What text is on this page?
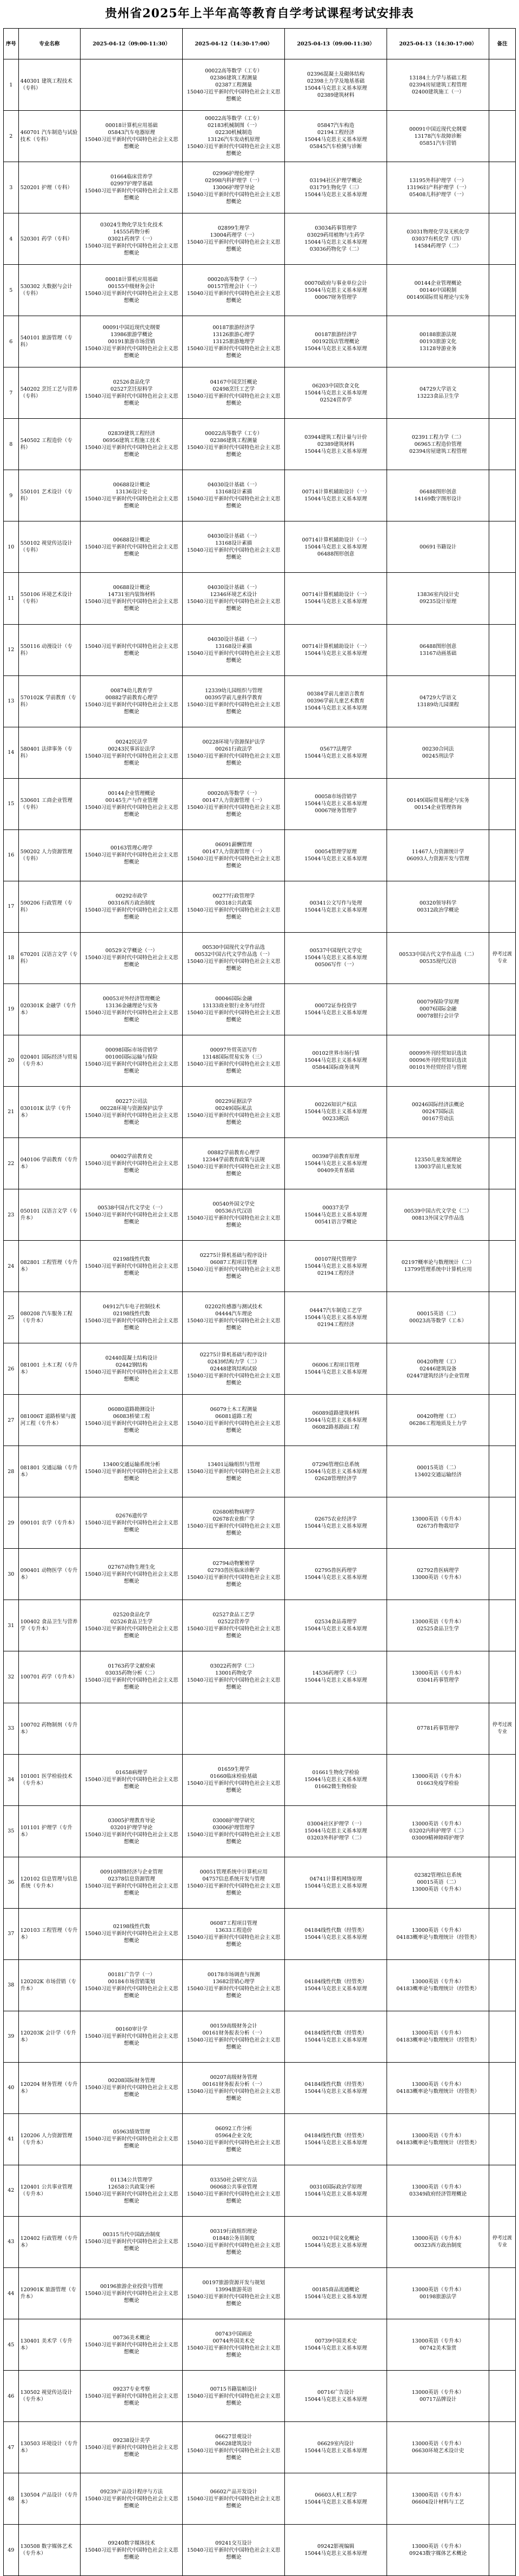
贵州省2025年上半年高等教育自学考试课程考试安排表
序号	专业名称	2025-04-12（09:00-11:30）	2025-04-12（14:30-17:00）	2025-04-13（09:00-11:30）	2025-04-13（14:30-17:00）	备注
1	440301 建筑工程技术（专科）		00022高等数学（工专）
02386建筑工程测量
02387工程测量
15040习近平新时代中国特色社会主义思想概论	02396混凝土及砌体结构
02398土力学及地基基础
15044马克思主义基本原理
02389建筑材料	13184土力学与基础工程
02394房屋建筑工程管理
02400建筑施工（一）	
2	460701 汽车制造与试验技术（专科）	00018计算机应用基础
05843汽车电器原理
15040习近平新时代中国特色社会主义思想概论	00022高等数学（工专）
02183机械制图（一）
02230机械制造
13126汽车发动机原理
15040习近平新时代中国特色社会主义思想概论	05847汽车构造
02194工程经济
15044马克思主义基本原理
05845汽车检测与诊断	00091中国近现代史纲要
13178汽车故障诊断
05851汽车营销	
3	520201 护理（专科）	01664临床营养学
02997护理学基础
15040习近平新时代中国特色社会主义思想概论	02996护理伦理学
02998内科护理学（一）
13006护理学导论
15040习近平新时代中国特色社会主义思想概论	03194社区护理学概论
03179生物化学（三）
15044马克思主义基本原理	13195外科护理学（一）
13196妇产科护理学（一）
05408儿科护理学（一）	
4	520301 药学（专科）	03024生物化学及生化技术
14555药物分析
03021药剂学（一）
15040习近平新时代中国特色社会主义思想概论	02899生理学
13004药理学（一）
15040习近平新时代中国特色社会主义思想概论	03034药事管理学
03029药用植物与生药学
15044马克思主义基本原理
03036药物化学（二）	03031物理化学及无机化学
03037有机化学（四）
14584药理学（二）	
5	530302 大数据与会计（专科）	00018计算机应用基础
00155中级财务会计
15040习近平新时代中国特色社会主义思想概论	00020高等数学（一）
00157管理会计（一）
15040习近平新时代中国特色社会主义思想概论	00070政府与事业单位会计
15044马克思主义基本原理
00067财务管理学	00144企业管理概论
00146中国税制
00149国际贸易理论与实务	
6	540101 旅游管理（专科）	00091中国近现代史纲要
13986旅游学概论
00191旅游市场营销
15040习近平新时代中国特色社会主义思想概论	00187旅游经济学
13126旅游心理学
13125旅游地理学
15040习近平新时代中国特色社会主义思想概论	00187旅游经济学
00192饭店管理概论
15044马克思主义基本原理	00188旅游法规
00193旅游文化
13128导游业务	
7	540202 烹饪工艺与营养（专科）	02526食品化学
02527烹饪原料学
15040习近平新时代中国特色社会主义思想概论	04167中国烹饪概论
02498烹饪工艺学
15040习近平新时代中国特色社会主义思想概论	06203中国饮食文化
15044马克思主义基本原理
02524营养学	04729大学语文
13223食品卫生学	
8	540502 工程造价（专科）	02839建筑工程经济
06956建筑工程施工技术
15040习近平新时代中国特色社会主义思想概论	00022高等数学（工专）
02386建筑工程测量
15040习近平新时代中国特色社会主义思想概论	03944建筑工程计量与计价
02389建筑材料
15044马克思主义基本原理	02391工程力学（二）
06965工程造价管理
02394房屋建筑工程管理	
9	550101 艺术设计（专科）	00688设计概论
13136设计史
15040习近平新时代中国特色社会主义思想概论	04030设计基础（一）
13168设计素描
15040习近平新时代中国特色社会主义思想概论	00714计算机辅助设计（一）
15044马克思主义基本原理	06488图形创意
14169数字图形设计	
10	550102 视觉传达设计（专科）	00688设计概论
15040习近平新时代中国特色社会主义思想概论	04030设计基础（一）
13168设计素描
15040习近平新时代中国特色社会主义思想概论	00714计算机辅助设计（一）
15044马克思主义基本原理
06488图形创意	00691书籍设计	
11	550106 环境艺术设计（专科）	00688设计概论
14731室内装饰材料
15040习近平新时代中国特色社会主义思想概论	04030设计基础（一）
12346环境艺术设计
15040习近平新时代中国特色社会主义思想概论	00714计算机辅助设计（一）
15044马克思主义基本原理	13836室内设计史
09235设计原理	
12	550116 动漫设计（专科）	15040习近平新时代中国特色社会主义思想概论	04030设计基础（一）
13168设计素描
15040习近平新时代中国特色社会主义思想概论	00714计算机辅助设计（一）
15044马克思主义基本原理	06488图形创意
13167动画基础	
13	570102K 学前教育（专科）	00874幼儿教育学
00882学前教育心理学
15040习近平新时代中国特色社会主义思想概论	12339幼儿园组织与管理
00395学前儿童科学教育
15040习近平新时代中国特色社会主义思想概论	00384学前儿童语言教育
00396学前儿童艺术教育
15044马克思主义基本原理	04729大学语文
13189幼儿园课程	
14	580401 法律事务（专科）	00242民法学
00243民事诉讼法学
15040习近平新时代中国特色社会主义思想概论	00228环境与资源保护法学
00261行政法学
15040习近平新时代中国特色社会主义思想概论	05677法理学
15044马克思主义基本原理	00230合同法
00245刑法学	
15	530601 工商企业管理（专科）	00144企业管理概论
00145生产与作业管理
15040习近平新时代中国特色社会主义思想概论	00020高等数学（一）
00147人力资源管理（一）
15040习近平新时代中国特色社会主义思想概论	00058市场营销学
15044马克思主义基本原理
00067财务管理学	00149国际贸易理论与实务
00154企业管理咨询	
16	590202 人力资源管理（专科）	00163管理心理学
15040习近平新时代中国特色社会主义思想概论	06091薪酬管理
00147人力资源管理（一）
15040习近平新时代中国特色社会主义思想概论	00054管理学原理
15044马克思主义基本原理	11467人力资源统计学
06093人力资源开发与管理	
17	590206 行政管理（专科）	00292市政学
00316西方政治制度
15040习近平新时代中国特色社会主义思想概论	00277行政管理学
00318公共政策
15040习近平新时代中国特色社会主义思想概论	00341公文写作与处理
15044马克思主义基本原理	00320领导科学
00312政治学概论	
18	670201 汉语言文学（专科）	00529文学概论（一）
15040习近平新时代中国特色社会主义思想概论	00530中国现代文学作品选
00532中国古代文学作品选（一）
15040习近平新时代中国特色社会主义思想概论	00537中国现代文学史
15044马克思主义基本原理
00506写作（一）	00533中国古代文学作品选（二）
00535现代汉语	停考过渡专业
19	020301K 金融学（专升本）	00053对外经济管理概论
13136金融理论与实务
15040习近平新时代中国特色社会主义思想概论	00046国际金融
13133商业银行业务与经营
15040习近平新时代中国特色社会主义思想概论	00072证券投资学
15044马克思主义基本原理	00079保险学原理
00076国际金融
00078银行会计学	
20	020401 国际经济与贸易（专升本）	00098国际市场营销学
00100国际运输与保险
15040习近平新时代中国特色社会主义思想概论	00097外贸英语写作
13148国际贸易实务（三）
15040习近平新时代中国特色社会主义思想概论	00102世界市场行情
15044马克思主义基本原理
05844国际商务谈判	00099外刊经贸知识选读
00096外刊经贸知识选读
00101外经贸经营与管理	
21	030101K 法学（专升本）	00227公司法
00228环境与资源保护法学
15040习近平新时代中国特色社会主义思想概论	00229证据法学
00249国际私法
15040习近平新时代中国特色社会主义思想概论	00226知识产权法
15044马克思主义基本原理
00233税法	00246国际经济法概论
00247国际法
00167劳动法	
22	040106 学前教育（专升本）	00402学前教育史
15040习近平新时代中国特色社会主义思想概论	00882学前教育心理学
12344学前教育政策与法规
15040习近平新时代中国特色社会主义思想概论	00398学前教育原理
15044马克思主义基本原理
00409美育基础	12350儿童发展理论
13003学前儿童发展	
23	050101 汉语言文学（专升本）	00538中国古代文学史（一）
15040习近平新时代中国特色社会主义思想概论	00540外国文学史
00536古代汉语
15040习近平新时代中国特色社会主义思想概论	00037美学
15044马克思主义基本原理
00541语言学概论	00539中国古代文学史（二）
00813外国文学作品选	
24	082801 工程管理（专升本）	02198线性代数
15040习近平新时代中国特色社会主义思想概论	02275计算机基础与程序设计
06087工程项目管理
15040习近平新时代中国特色社会主义思想概论	00107现代管理学
15044马克思主义基本原理
02194工程经济	02197概率论与数理统计（二）
13799管理系统中计算机应用	
25	080208 汽车服务工程（专升本）	04912汽车电子控制技术
02198线性代数
15040习近平新时代中国特色社会主义思想概论	02202传感器与测试技术
04444汽车理论
15040习近平新时代中国特色社会主义思想概论	04447汽车制造工艺学
15044马克思主义基本原理
02194工程经济	00015英语（二）
00023高等数学（工本）	
26	081001 土木工程（专升本）	02440混凝土结构设计
02442钢结构
15040习近平新时代中国特色社会主义思想概论	02275计算机基础与程序设计
02439结构力学（二）
02448建筑结构试验
15040习近平新时代中国特色社会主义思想概论	06006工程项目管理
15044马克思主义基本原理	00420物理（工）
02446建筑设备
02447建筑经济与企业管理	
27	081006T 道路桥梁与渡河工程（专升本）	06080道路勘测设计
06083桥梁工程
15040习近平新时代中国特色社会主义思想概论	06079土木工程测量
06081道路工程
15040习近平新时代中国特色社会主义思想概论	06089道路建筑材料
15044马克思主义基本原理
06082路基路面工程	00420物理（工）
06286工程地质及土力学	
28	081801 交通运输（专升本）	13400交通运输系统分析
15040习近平新时代中国特色社会主义思想概论	13401运输组织与管理
15040习近平新时代中国特色社会主义思想概论	07296管理信息系统
15044马克思主义基本原理
02628管理经济学	00015英语（二）
13402交通运输经济	
29	090101 农学（专升本）	02676遗传学
15040习近平新时代中国特色社会主义思想概论	02680植物病理学
02678农业推广学
15040习近平新时代中国特色社会主义思想概论	02675农业经济学
15044马克思主义基本原理	13000英语（专升本）
02673作物栽培学	
30	090401 动物医学（专升本）	02767动物生理生化
15040习近平新时代中国特色社会主义思想概论	02794动物繁殖学
02793兽医临床诊断学
15040习近平新时代中国特色社会主义思想概论	02795兽医药理学
15044马克思主义基本原理	02792兽医病理学
13000英语（专升本）	
31	100402 食品卫生与营养学（专升本）	02520食品化学
02526食品卫生学
15040习近平新时代中国特色社会主义思想概论	02527食品工艺学
02522营养学
15040习近平新时代中国特色社会主义思想概论	02534食品毒理学
15044马克思主义基本原理	13000英语（专升本）
02525食品卫生学	
32	100701 药学（专升本）	01763药学文献检索
03035药物分析（二）
15040习近平新时代中国特色社会主义思想概论	03022药剂学（二）
13001药物化学
15040习近平新时代中国特色社会主义思想概论	14536药理学（三）
15044马克思主义基本原理	13000英语（专升本）
03041药事管理学	
33	100702 药物制剂（专升本）				07781药事管理学	停考过渡专业
34	101001 医学检验技术（专升本）	01658病理学
15040习近平新时代中国特色社会主义思想概论	01659生理学
01660临床检验基础
15040习近平新时代中国特色社会主义思想概论	01661生物化学检验
15044马克思主义基本原理
01662微生物检验	13000英语（专升本）
01663免疫学检验	
35	101101 护理学（专升本）	03005护理教育导论
03201护理学导论
15040习近平新时代中国特色社会主义思想概论	03008护理学研究
03006护理管理学
15040习近平新时代中国特色社会主义思想概论	03004社区护理学（一）
15044马克思主义基本原理
03203外科护理学（二）	13000英语（专升本）
03202内科护理学（二）
03009精神障碍护理学	
36	120102 信息管理与信息系统（专升本）	00910网络经济与企业管理
02378信息资源管理
15040习近平新时代中国特色社会主义思想概论	00051管理系统中计算机应用
04757信息系统开发与管理
15040习近平新时代中国特色社会主义思想概论	04741计算机网络原理
15044马克思主义基本原理	02382管理信息系统
00015英语（二）
13000英语（专升本）	
37	120103 工程管理（专升本）	02198线性代数
15040习近平新时代中国特色社会主义思想概论	06087工程项目管理
13633工程造价
15040习近平新时代中国特色社会主义思想概论	04184线性代数（经管类）
15044马克思主义基本原理	13000英语（专升本）
04183概率论与数理统计（经管类）	
38	120202K 市场营销（专升本）	00181广告学（一）
00184市场营销策划
15040习近平新时代中国特色社会主义思想概论	00178市场调查与预测
13682营销心理学
15040习近平新时代中国特色社会主义思想概论	04184线性代数（经管类）
15044马克思主义基本原理	13000英语（专升本）
04183概率论与数理统计（经管类）	
39	120203K 会计学（专升本）	00160审计学
15040习近平新时代中国特色社会主义思想概论	00159高级财务会计
00161财务报表分析（一）
15040习近平新时代中国特色社会主义思想概论	04184线性代数（经管类）
15044马克思主义基本原理	13000英语（专升本）
04183概率论与数理统计（经管类）	
40	120204 财务管理（专升本）	00208国际财务管理
15040习近平新时代中国特色社会主义思想概论	00207高级财务管理
00161财务报表分析（一）
15040习近平新时代中国特色社会主义思想概论	04184线性代数（经管类）
15044马克思主义基本原理	13000英语（专升本）
04183概率论与数理统计（经管类）	
41	120206 人力资源管理（专升本）	05963绩效管理
15040习近平新时代中国特色社会主义思想概论	06092工作分析
05964企业文化
15040习近平新时代中国特色社会主义思想概论	04184线性代数（经管类）
15044马克思主义基本原理	13000英语（专升本）
04183概率论与数理统计（经管类）	
42	120401 公共事业管理（专升本）	01134公共管理学
12658公共政策分析
15040习近平新时代中国特色社会主义思想概论	03350社会研究方法
06068公共事业管理
15040习近平新时代中国特色社会主义思想概论	00310国际政治学原理
15044马克思主义基本原理	13000英语（专升本）
03349政府经济管理概论	
43	120402 行政管理（专升本）	00315当代中国政治制度
15040习近平新时代中国特色社会主义思想概论	00319行政组织理论
01848公务员制度
15040习近平新时代中国特色社会主义思想概论	00321中国文化概论
15044马克思主义基本原理	13000英语（专升本）
00323西方政治制度	停考过渡专业
44	120901K 旅游管理（专升本）	00196旅游企业投资与管理
15040习近平新时代中国特色社会主义思想概论	00197旅游资源开发与规划
13994旅游英语
15040习近平新时代中国特色社会主义思想概论	00185商品流通概论
15044马克思主义基本原理	13000英语（专升本）
00198旅游法学	
45	130401 美术学（专升本）	00736美术概论
15040习近平新时代中国特色社会主义思想概论	00743中国画论
00744外国美术史
15040习近平新时代中国特色社会主义思想概论	00739中国美术史
15044马克思主义基本原理	13000英语（专升本）
00742美术鉴赏	
46	130502 视觉传达设计（专升本）	09237专业考察
15040习近平新时代中国特色社会主义思想概论	00715书籍装帧设计
15040习近平新时代中国特色社会主义思想概论	00716广告设计
15044马克思主义基本原理	13000英语（专升本）
00717品牌设计	
47	130503 环境设计（专升本）	09238设计美学
15040习近平新时代中国特色社会主义思想概论	06627景观设计
06628建筑设计
15040习近平新时代中国特色社会主义思想概论	06629室内设计
15044马克思主义基本原理	13000英语（专升本）
06630环境艺术设计史	
48	130504 产品设计（专升本）	09239产品设计程序与方法
15040习近平新时代中国特色社会主义思想概论	06602产品开发设计
15040习近平新时代中国特色社会主义思想概论	06603人机工程学
15044马克思主义基本原理	13000英语（专升本）
06604设计材料与工艺	
49	130508 数字媒体艺术（专升本）	09240数字媒体技术
15040习近平新时代中国特色社会主义思想概论	09241交互设计
15040习近平新时代中国特色社会主义思想概论	09242影视编辑
15044马克思主义基本原理	13000英语（专升本）
09243数字媒体艺术概论	
